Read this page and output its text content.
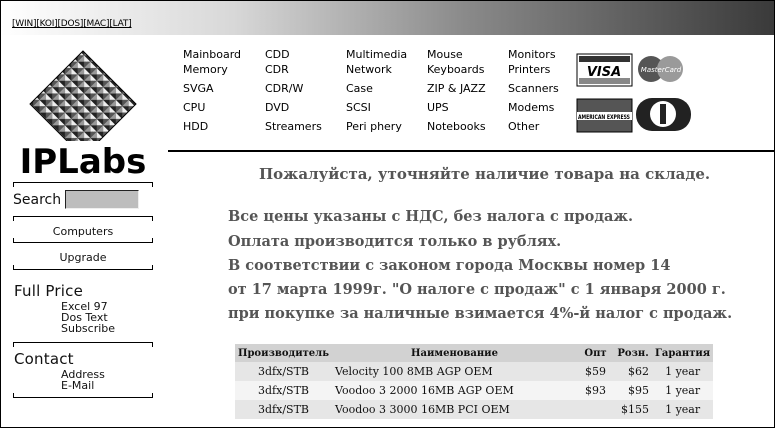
[WIN][KOI][DOS][MAC][LAT]
IPLabs
Search
Computers
Upgrade
Full Price
Excel 97
Dos Text
Subscribe
Contact
Address
E-Mail
Mainboard
Memory
SVGA
CPU
HDD
CDD
CDR
CDR/W
DVD
Streamers
Multimedia
Network
Case
SCSI
Peri phery
Mouse
Keyboards
ZIP & JAZZ
UPS
Notebooks
Monitors
Printers
Scanners
Modems
Other
VISA	MasterCard
AMERICAN EXPRESS
Пожалуйста, уточняйте наличие товара на складе.
Все цены указаны с НДС, без налога с продаж.
Оплата производится только в рублях.
В соответствии с законом города Москвы номер 14
от 17 марта 1999г. "О налоге с продаж" с 1 января 2000 г.
при покупке за наличные взимается 4%-й налог с продаж.
Производитель	Наименование	Опт	Розн.	Гарантия
3dfx/STB	Velocity 100 8MB AGP OEM	$59	$62	1 year
3dfx/STB	Voodoo 3 2000 16MB AGP OEM	$93	$95	1 year
3dfx/STB	Voodoo 3 3000 16MB PCI OEM		$155	1 year
